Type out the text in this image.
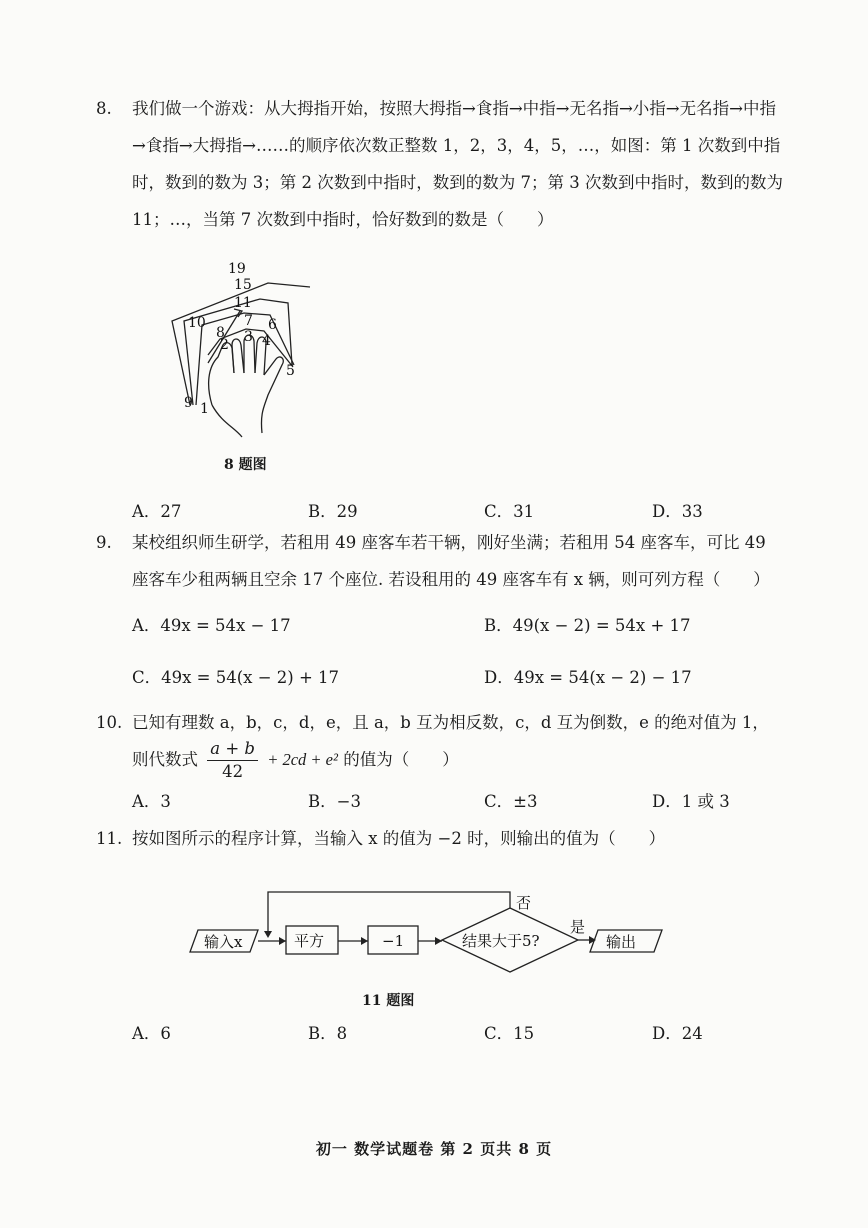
8.	我们做一个游戏：从大拇指开始，按照大拇指→食指→中指→无名指→小指→无名指→中指→食指→大拇指→……的顺序依次数正整数 1，2，3，4，5，…，如图：第 1 次数到中指时，数到的数为 3；第 2 次数到中指时，数到的数为 7；第 3 次数到中指时，数到的数为 11；…，当第 7 次数到中指时，恰好数到的数是（　　）
19
15
11
10	7 6
8 3 4
2
5
9 1
8 题图
A．27	B．29	C．31	D．33
9.	某校组织师生研学，若租用 49 座客车若干辆，刚好坐满；若租用 54 座客车，可比 49 座客车少租两辆且空余 17 个座位. 若设租用的 49 座客车有 x 辆，则可列方程（　　）
A．49x = 54x − 17	B．49(x − 2) = 54x + 17
C．49x = 54(x − 2) + 17	D．49x = 54(x − 2) − 17
10. 已知有理数 a，b，c，d，e，且 a，b 互为相反数，c，d 互为倒数，e 的绝对值为 1，
则代数式 $\frac{a + b}{42} + 2cd + e^2$ 的值为（　　）
A．3	B．−3	C．±3	D．1 或 3
11. 按如图所示的程序计算，当输入 x 的值为 −2 时，则输出的值为（　　）
输入x	平方	−1	结果大于5?	输出
否
是
11 题图
A．6	B．8	C．15	D．24
初一 数学试题卷 第 2 页共 8 页
